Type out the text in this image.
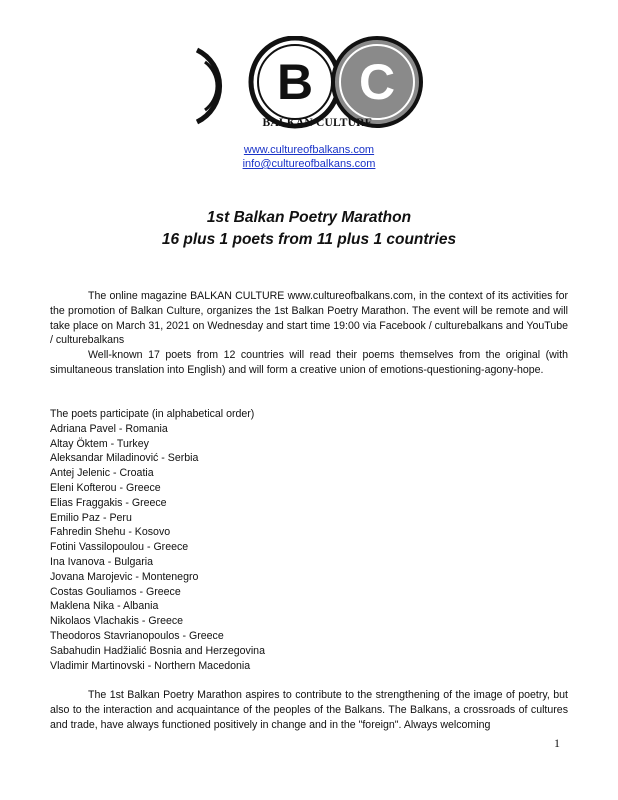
B C
BALKAN CULTURE
www.cultureofbalkans.com
info@cultureofbalkans.com
1st Balkan Poetry Marathon
16 plus 1 poets from 11 plus 1 countries

The online magazine BALKAN CULTURE www.cultureofbalkans.com, in the context of its activities for the promotion of Balkan Culture, organizes the 1st Balkan Poetry Marathon. The event will be remote and will take place on March 31, 2021 on Wednesday and start time 19:00 via Facebook / culturebalkans and YouTube / culturebalkans

Well-known 17 poets from 12 countries will read their poems themselves from the original (with simultaneous translation into English) and will form a creative union of emotions-questioning-agony-hope.

The poets participate (in alphabetical order)
Adriana Pavel - Romania
Altay Öktem - Turkey
Aleksandar Miladinović - Serbia
Antej Jelenic - Croatia
Eleni Kofterou - Greece
Elias Fraggakis - Greece
Emilio Paz - Peru
Fahredin Shehu - Kosovo
Fotini Vassilopoulou - Greece
Ina Ivanova - Bulgaria
Jovana Marojevic - Montenegro
Costas Gouliamos - Greece
Maklena Nika - Albania
Nikolaos Vlachakis - Greece
Theodoros Stavrianopoulos - Greece
Sabahudin Hadžialić Bosnia and Herzegovina
Vladimir Martinovski - Northern Macedonia

The 1st Balkan Poetry Marathon aspires to contribute to the strengthening of the image of poetry, but also to the interaction and acquaintance of the peoples of the Balkans. The Balkans, a crossroads of cultures and trade, have always functioned positively in change and in the "foreign". Always welcoming

1
